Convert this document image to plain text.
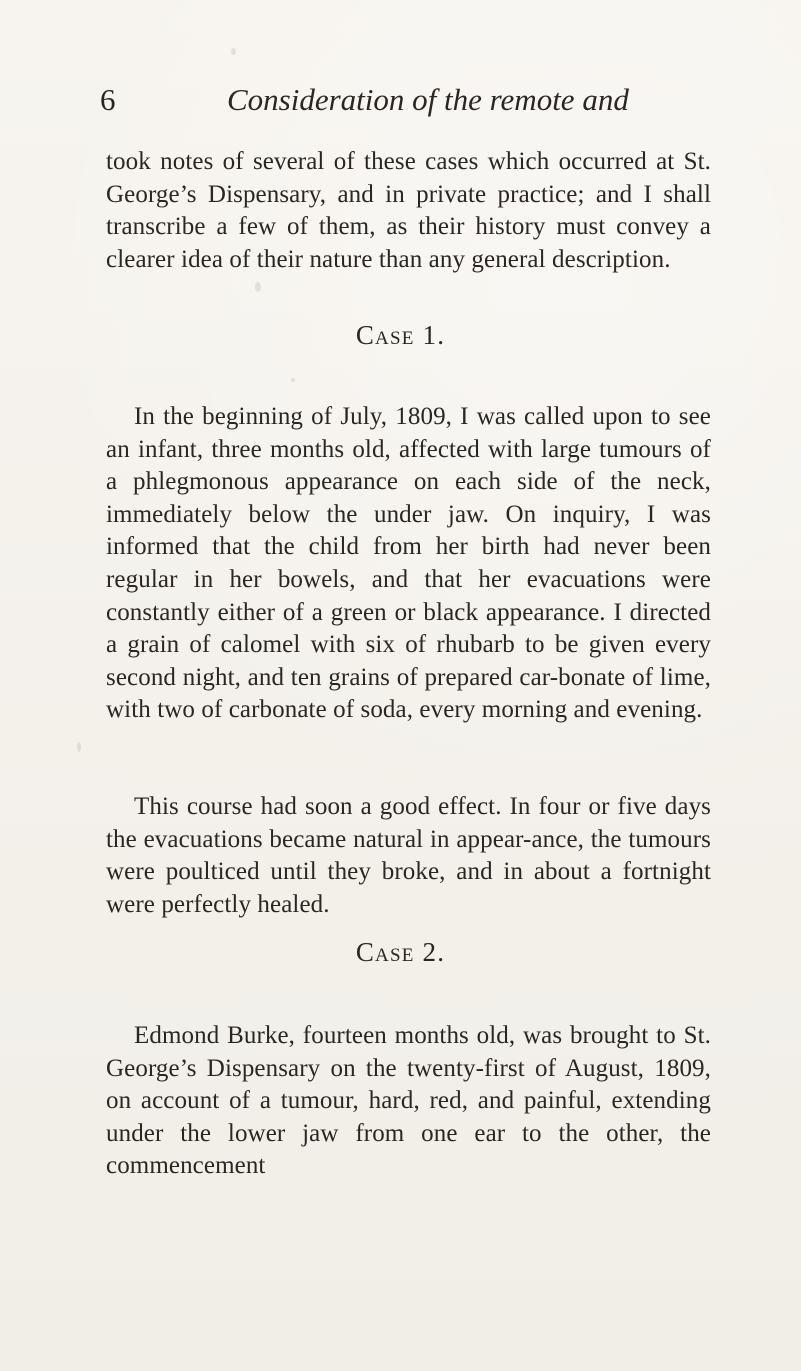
6	Consideration of the remote and

took notes of several of these cases which occurred at St. George’s Dispensary, and in private practice; and I shall transcribe a few of them, as their history must convey a clearer idea of their nature than any general description.

Case 1.

In the beginning of July, 1809, I was called upon to see an infant, three months old, affected with large tumours of a phlegmonous appearance on each side of the neck, immediately below the under jaw. On inquiry, I was informed that the child from her birth had never been regular in her bowels, and that her evacuations were constantly either of a green or black appearance. I directed a grain of calomel with six of rhubarb to be given every second night, and ten grains of prepared car-bonate of lime, with two of carbonate of soda, every morning and evening.

This course had soon a good effect. In four or five days the evacuations became natural in appear-ance, the tumours were poulticed until they broke, and in about a fortnight were perfectly healed.

Case 2.

Edmond Burke, fourteen months old, was brought to St. George’s Dispensary on the twenty-first of August, 1809, on account of a tumour, hard, red, and painful, extending under the lower jaw from one ear to the other, the commencement
